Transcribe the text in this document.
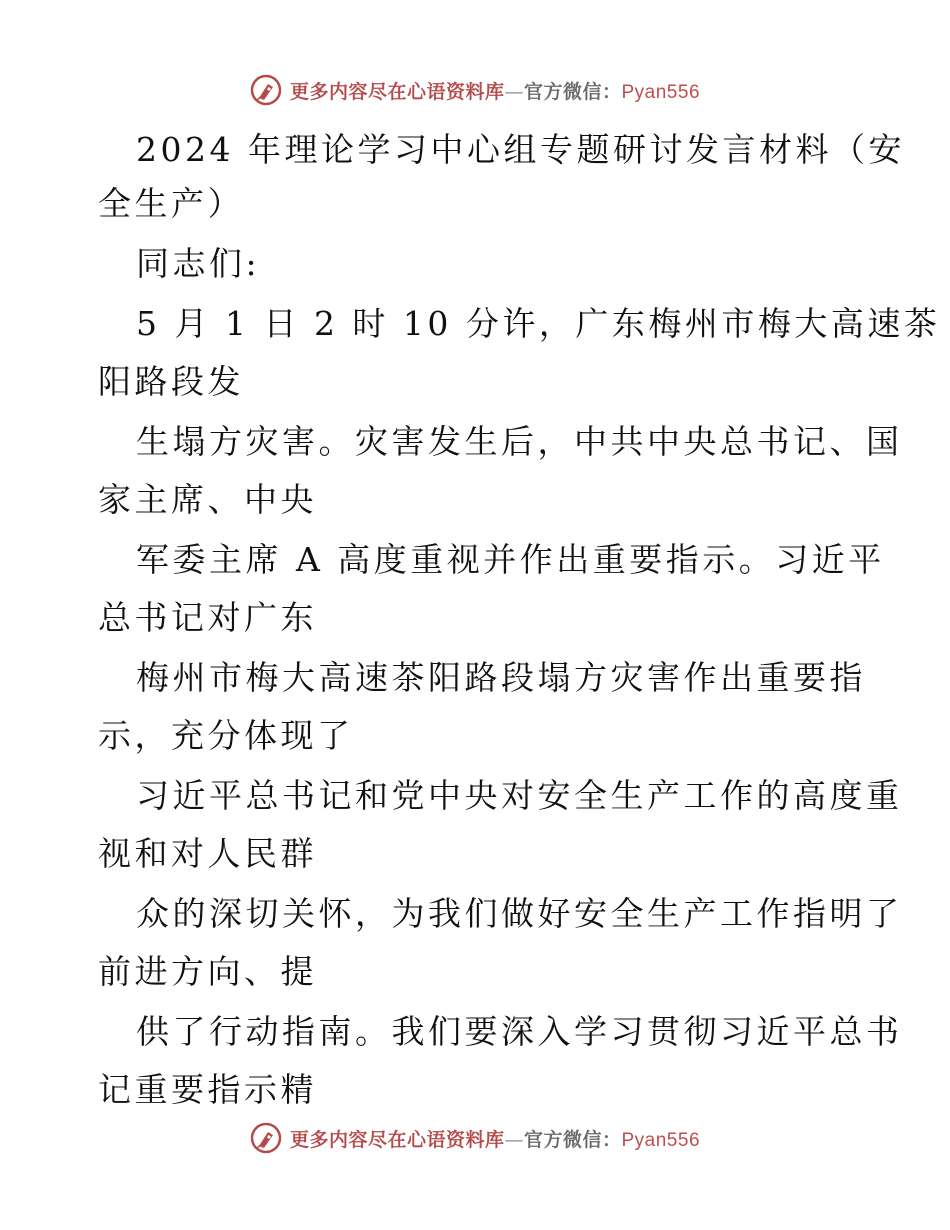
更多内容尽在心语资料库—官方微信：Pyan556
2024 年理论学习中心组专题研讨发言材料（安
全生产）
同志们:
5 月 1 日 2 时 10 分许，广东梅州市梅大高速茶
阳路段发
生塌方灾害。灾害发生后，中共中央总书记、国
家主席、中央
军委主席 A 高度重视并作出重要指示。习近平
总书记对广东
梅州市梅大高速茶阳路段塌方灾害作出重要指
示，充分体现了
习近平总书记和党中央对安全生产工作的高度重
视和对人民群
众的深切关怀，为我们做好安全生产工作指明了
前进方向、提
供了行动指南。我们要深入学习贯彻习近平总书
记重要指示精
更多内容尽在心语资料库—官方微信：Pyan556
